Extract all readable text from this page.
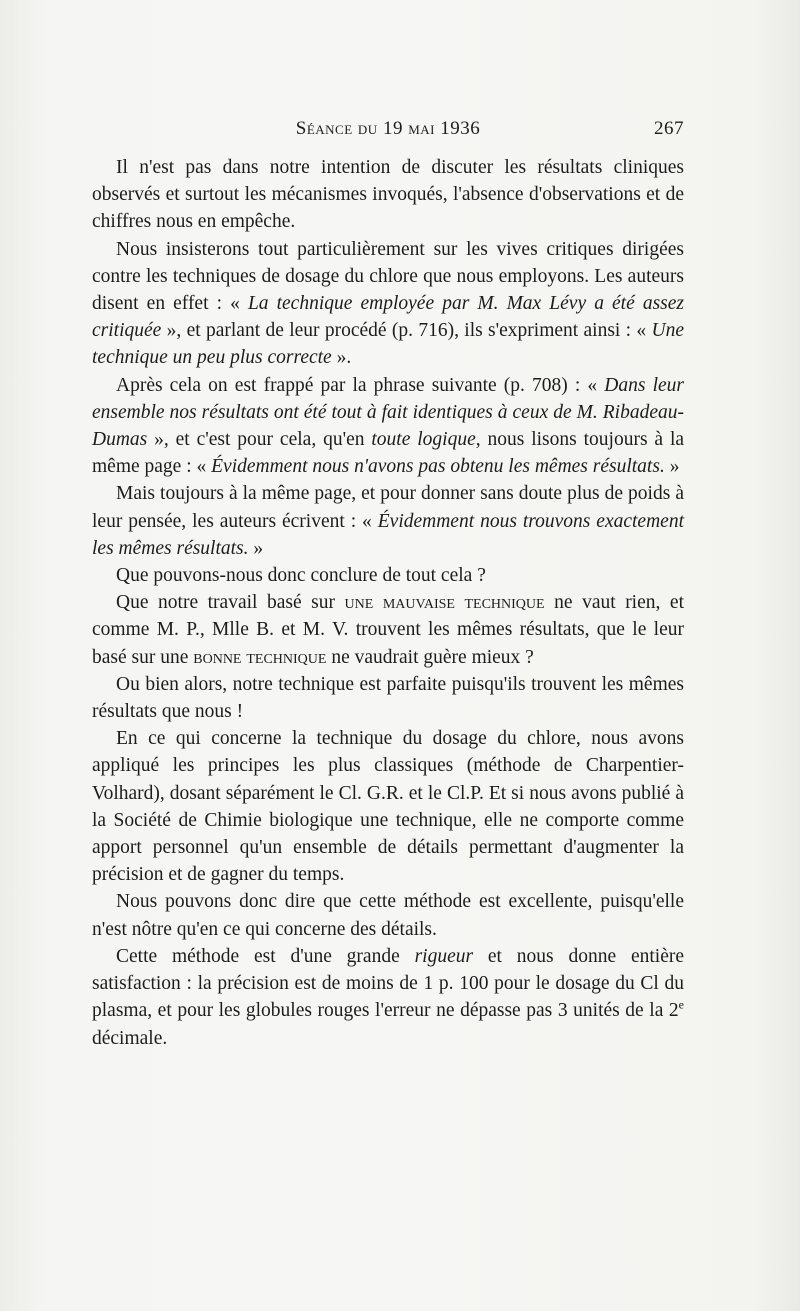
Séance du 19 mai 1936	267

Il n'est pas dans notre intention de discuter les résultats cliniques observés et surtout les mécanismes invoqués, l'absence d'observations et de chiffres nous en empêche.

Nous insisterons tout particulièrement sur les vives critiques dirigées contre les techniques de dosage du chlore que nous employons. Les auteurs disent en effet : « La technique employée par M. Max Lévy a été assez critiquée », et parlant de leur procédé (p. 716), ils s'expriment ainsi : « Une technique un peu plus correcte ».

Après cela on est frappé par la phrase suivante (p. 708) : « Dans leur ensemble nos résultats ont été tout à fait identiques à ceux de M. Ribadeau-Dumas », et c'est pour cela, qu'en toute logique, nous lisons toujours à la même page : « Évidemment nous n'avons pas obtenu les mêmes résultats. »

Mais toujours à la même page, et pour donner sans doute plus de poids à leur pensée, les auteurs écrivent : « Évidemment nous trouvons exactement les mêmes résultats. »

Que pouvons-nous donc conclure de tout cela ?

Que notre travail basé sur une mauvaise technique ne vaut rien, et comme M. P., Mlle B. et M. V. trouvent les mêmes résultats, que le leur basé sur une bonne technique ne vaudrait guère mieux ?

Ou bien alors, notre technique est parfaite puisqu'ils trouvent les mêmes résultats que nous !

En ce qui concerne la technique du dosage du chlore, nous avons appliqué les principes les plus classiques (méthode de Charpentier-Volhard), dosant séparément le Cl. G.R. et le Cl.P. Et si nous avons publié à la Société de Chimie biologique une technique, elle ne comporte comme apport personnel qu'un ensemble de détails permettant d'augmenter la précision et de gagner du temps.

Nous pouvons donc dire que cette méthode est excellente, puisqu'elle n'est nôtre qu'en ce qui concerne des détails.

Cette méthode est d'une grande rigueur et nous donne entière satisfaction : la précision est de moins de 1 p. 100 pour le dosage du Cl du plasma, et pour les globules rouges l'erreur ne dépasse pas 3 unités de la 2e décimale.
